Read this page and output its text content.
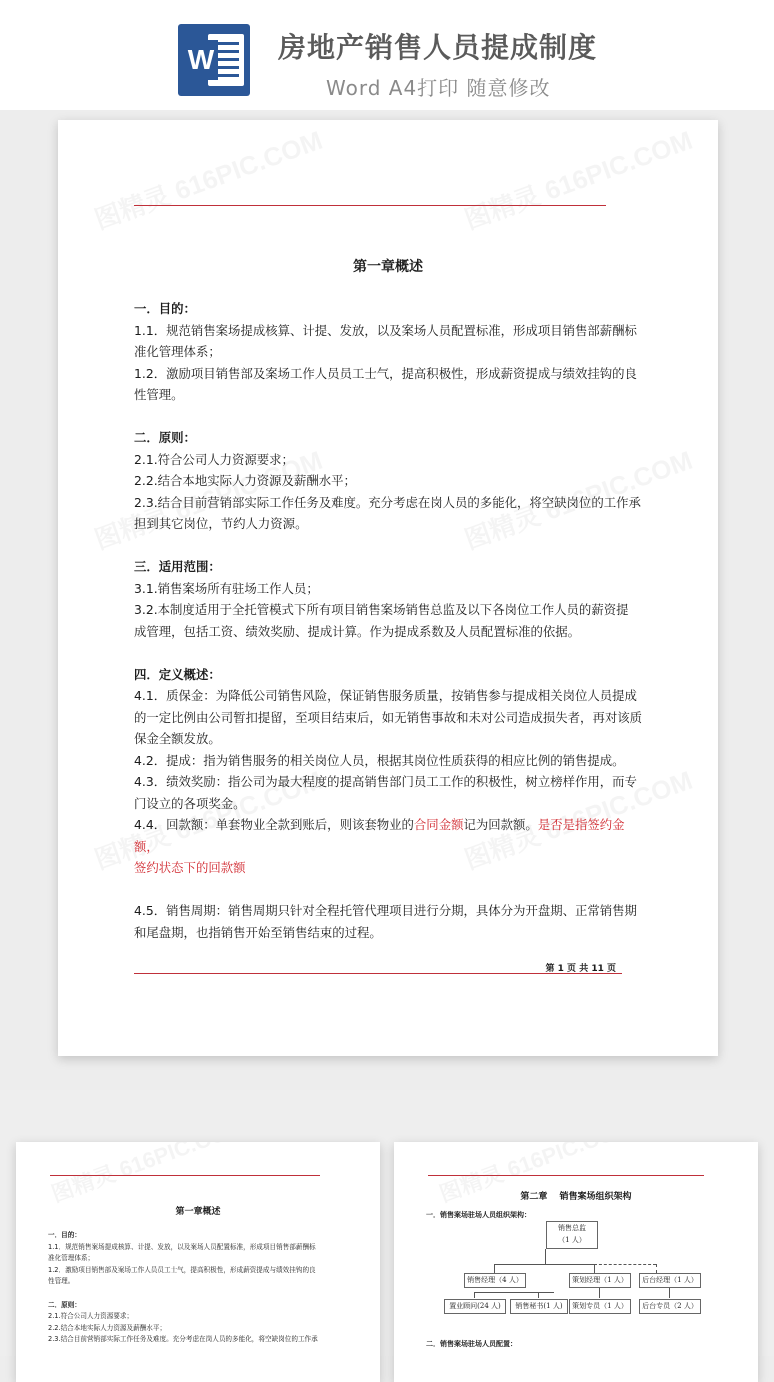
W 房地产销售人员提成制度
Word A4打印 随意修改
第一章概述

一．目的：

1.1．规范销售案场提成核算、计提、发放，以及案场人员配置标准，形成项目销售部薪酬标

准化管理体系；

1.2．激励项目销售部及案场工作人员员工士气，提高积极性，形成薪资提成与绩效挂钩的良

性管理。

二．原则：

2.1.符合公司人力资源要求；

2.2.结合本地实际人力资源及薪酬水平；

2.3.结合目前营销部实际工作任务及难度。充分考虑在岗人员的多能化，将空缺岗位的工作承

担到其它岗位，节约人力资源。

三．适用范围：

3.1.销售案场所有驻场工作人员；

3.2.本制度适用于全托管模式下所有项目销售案场销售总监及以下各岗位工作人员的薪资提

成管理，包括工资、绩效奖励、提成计算。作为提成系数及人员配置标准的依据。

四．定义概述：

4.1．质保金：为降低公司销售风险，保证销售服务质量，按销售参与提成相关岗位人员提成

的一定比例由公司暂扣提留，至项目结束后，如无销售事故和未对公司造成损失者，再对该质

保金全额发放。

4.2．提成：指为销售服务的相关岗位人员，根据其岗位性质获得的相应比例的销售提成。

4.3．绩效奖励：指公司为最大程度的提高销售部门员工工作的积极性，树立榜样作用，而专

门设立的各项奖金。

4.4．回款额：单套物业全款到账后，则该套物业的合同金额记为回款额。是否是指签约金额，

签约状态下的回款额

4.5．销售周期：销售周期只针对全程托管代理项目进行分期，具体分为开盘期、正常销售期

和尾盘期，也指销售开始至销售结束的过程。

第 1 页 共 11 页
第一章概述

一．目的：

1.1．规范销售案场提成核算、计提、发放，以及案场人员配置标准，形成项目销售部薪酬标

准化管理体系；

1.2．激励项目销售部及案场工作人员员工士气，提高积极性，形成薪资提成与绩效挂钩的良

性管理。

二．原则：

2.1.符合公司人力资源要求；

2.2.结合本地实际人力资源及薪酬水平；

2.3.结合目前营销部实际工作任务及难度。充分考虑在岗人员的多能化，将空缺岗位的工作承

第二章　 销售案场组织架构
一．销售案场驻场人员组织架构：
销售总监
（1 人）
销售经理（4 人）	策划经理（1 人）	后台经理（1 人）
置业顾问(24 人)	销售秘书(1 人)	策划专员（1 人）	后台专员（2 人）
二．销售案场驻场人员配置：
